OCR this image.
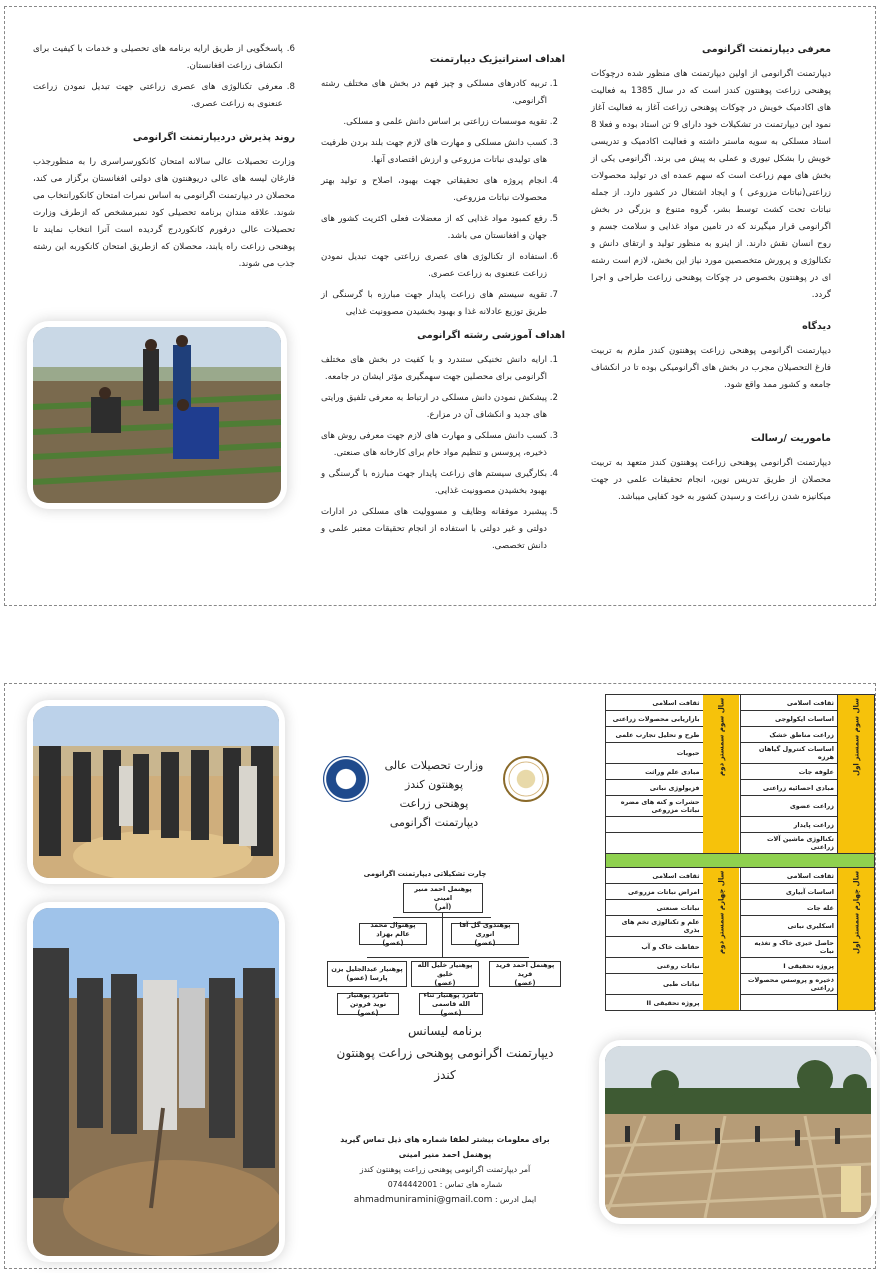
معرفی دیپارتمنت اگرانومی

دیپارتمنت اگرانومی از اولین دیپارتمنت های منظور شده درچوکات پوهنحی زراعت پوهنتون کندز است که در سال 1385 به فعالیت های اکادمیک خویش در چوکات پوهنحی زراعت آغاز به فعالیت آغاز نمود این دیپارتمنت در تشکیلات خود دارای 9 تن استاد بوده و فعلا 8 استاد مسلکی به سویه ماستر داشته و فعالیت اکادمیک و تدریسی خویش را بشکل تیوری و عملی به پیش می برند. اگرانومی یکی از بخش های مهم زراعت است که سهم عمده ای در تولید محصولات زراعتی(نباتات مزروعی ) و ایجاد اشتغال در کشور دارد. از جمله نباتات تحت کشت توسط بشر، گروه متنوع و بزرگی در بخش اگرانومی قرار میگیرند که در تامین مواد غذایی و سلامت جسم و روح انسان نقش دارند. از اینرو به منظور تولید و ارتقای دانش و تکنالوژی و پرورش متخصصین مورد نیاز این بخش، لازم است رشته ای در پوهنتون بخصوص در چوکات پوهنحی زراعت طراحی و اجرا گردد.

دیدگاه

دیپارتمنت اگرانومی پوهنحی زراعت پوهنتون کندز ملزم به تربیت فارغ التحصیلان مجرب در بخش های اگرانومیکی بوده تا در انکشاف جامعه و کشور ممد واقع شود.

ماموریت /رسالت

دیپارتمنت اگرانومی پوهنحی زراعت پوهنتون کندز متعهد به تربیت محصلان از طریق تدریس نوین، انجام تحقیقات علمی در جهت میکانیزه شدن زراعت و رسیدن کشور به خود کفایی میباشد.

اهداف استراتیژیک دیپارتمنت
1. تربیه کادرهای مسلکی و چیز فهم در بخش های مختلف رشته اگرانومی.
2. تقویه موسسات زراعتی بر اساس دانش علمی و مسلکی.
3. کسب دانش مسلکی و مهارت های لازم جهت بلند بردن ظرفیت های تولیدی نباتات مزروعی و ارزش اقتصادی آنها.
4. انجام پروژه های تحقیقاتی جهت بهبود، اصلاح و تولید بهتر محصولات نباتات مزروعی.
5. رفع کمبود مواد غذایی که از معضلات فعلی اکثریت کشور های جهان و افغانستان می باشد.
6. استفاده از تکنالوژی های عصری زراعتی جهت تبدیل نمودن زراعت عنعنوی به زراعت عصری.
7. تقویه سیستم های زراعت پایدار جهت مبارزه با گرسنگی از طریق توزیع عادلانه غذا و بهبود بخشیدن مصوونیت غذایی
اهداف آموزشی رشته اگرانومی
1. ارایه دانش تخنیکی ستندرد و با کفیت در بخش های مختلف اگرانومی برای محصلین جهت سهمگیری مؤثر ایشان در جامعه.
2. پیشکش نمودن دانش مسلکی در ارتباط به معرفی تلفیق ورایتی های جدید و انکشاف آن در مزارع.
3. کسب دانش مسلکی و مهارت های لازم جهت معرفی روش های ذخیره، پروسس و تنظیم مواد خام برای کارخانه های صنعتی.
4. بکارگیری سیستم های زراعت پایدار جهت مبارزه با گرسنگی و بهبود بخشیدن مصوونیت غذایی.
5. پیشبرد موفقانه وظایف و مسوولیت های مسلکی در ادارات دولتی و غیر دولتی با استفاده از انجام تحقیقات معتبر علمی و دانش تخصصی.
6.
پاسخگویی از طریق ارایه برنامه های تحصیلی و خدمات با کیفیت برای انکشاف زراعت افغانستان.
8.
معرفی تکنالوژی های عصری زراعتی جهت تبدیل نمودن زراعت عنعنوی به زراعت عصری.
روند پذیرش دردیپارتمنت اگرانومی

وزارت تحصیلات عالی سالانه امتحان کانکورسراسری را به منظورجذب فارغان لیسه های عالی دریوهنتون های دولتی افغانستان برگزار می کند، محصلان در دیپارتمنت اگرانومی به اساس نمرات امتحان کانکورانتخاب می شوند. علاقه مندان برنامه تحصیلی کود نمبرمشخص که ازطرف وزارت تحصیلات عالی درفورم کانکوردرج گردیده است آنرا انتخاب نمایند تا پوهنحی زراعت راه یابند، محصلان که ازطریق امتحان کانکوربه این رشته جذب می شوند.

وزارت تحصیلات عالی
پوهنتون کندز
پوهنحی زراعت
دیپارتمنت اگرانومی
چارت تشکیلاتی دیپارتمنت اگرانومی
پوهنمل احمد منیر امینی
(آمر)
پوهنوال محمد عالم بهزاد
(عضو)
پوهندوی گل آقا انوری
(عضو)
پوهنیار عبدالجلیل یزن پارسا (عضو)
پوهنیار خلیل الله خلیق
(عضو)
پوهنمل احمد فرید فرید
(عضو)
نامزد پوهنیار نوید فروتن
(عضو)
نامزد پوهنیار ثناء الله قاسمی
(عضو)
برنامه لیسانس
دیپارتمنت اگرانومی پوهنحی زراعت پوهنتون
کندز
برای معلومات بیشتر لطفا شماره های ذیل تماس گیرید
پوهنمل احمد منیر امینی
آمر دیپارتمنت اگرانومی پوهنحی زراعت پوهنتون کندز
شماره های تماس : 0744442001
ایمل ادرس : ahmadmuniramini@gmail.com
سال سوم سمستر اول	ثقافت اسلامی	سال سوم سمستر دوم	ثقافت اسلامی
	اساسات ایکولوجی		بازاریابی محصولات زراعتی
	زراعت مناطق خشک		طرح و تحلیل تجارب علمی
	اساسات کنترول گیاهان هرزه		حبوبات
	علوفه جات		مبادی علم وراثت
	مبادی احصائیه زراعتی		فزیولوژی نباتی
	زراعت عضوی		حشرات و کنه های مضره نباتات مزروعی
	زراعت پایدار		
	تکنالوژی ماشین آلات زراعتی		

سال چهارم سمستر اول	ثقافت اسلامی	سال چهارم سمستر دوم	ثقافت اسلامی
	اساسات آبیاری		امراض نباتات مزروعی
	غله جات		نباتات صنعتی
	اسکلیری نباتی		علم و تکنالوژی تخم های بذری
	حاصل خیزی خاک و تغذیه نبات		حفاظت خاک و آب
	پروژه تحقیقی I		نباتات روغنی
	ذخیره و پروسس محصولات زراعتی		نباتات طبی
			پروژه تحقیقی II
